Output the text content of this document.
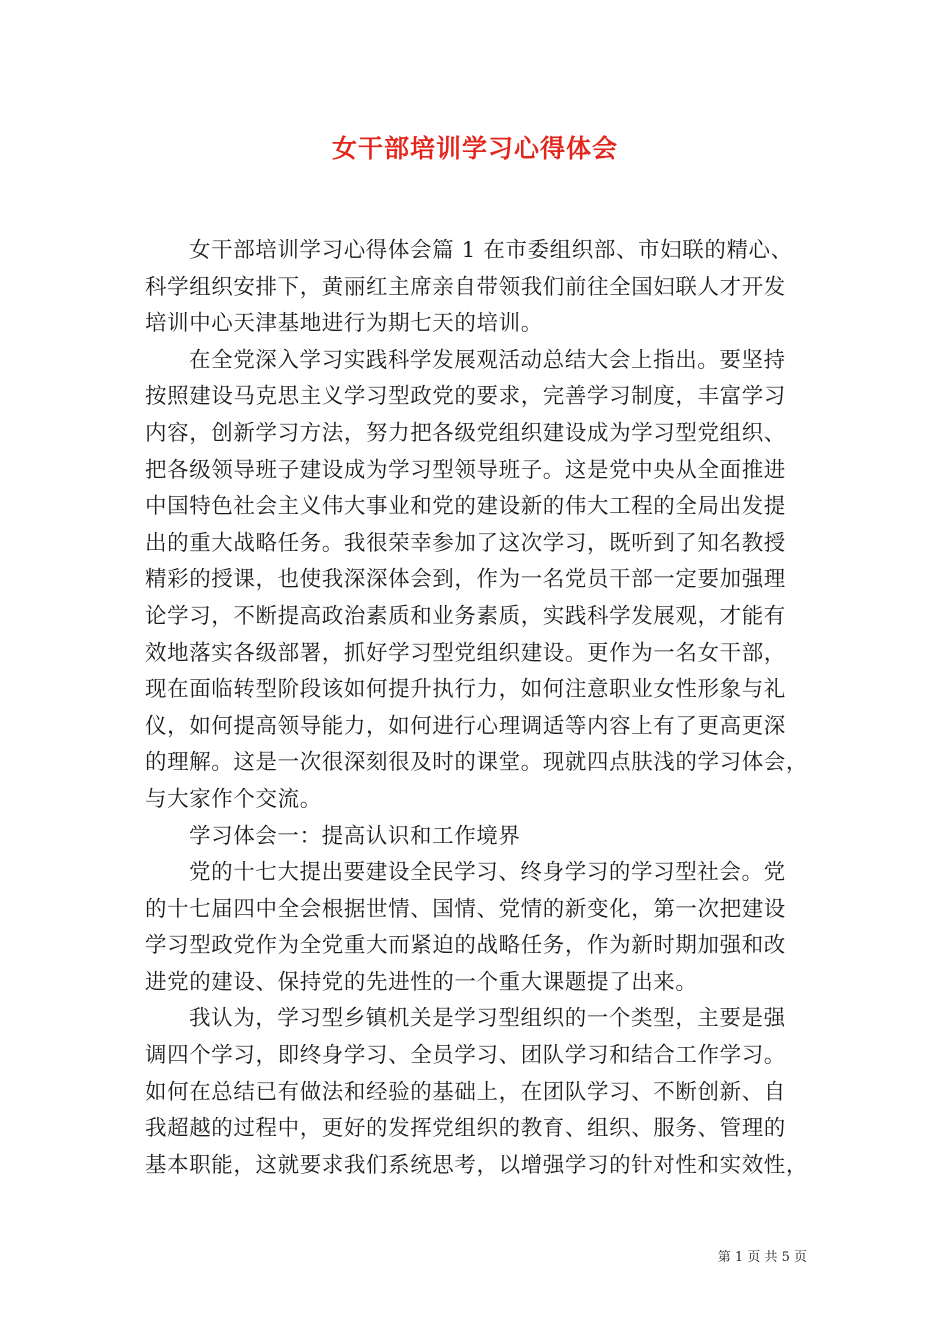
女干部培训学习心得体会
女干部培训学习心得体会篇 1 在市委组织部、市妇联的精心、
科学组织安排下，黄丽红主席亲自带领我们前往全国妇联人才开发
培训中心天津基地进行为期七天的培训。
在全党深入学习实践科学发展观活动总结大会上指出。要坚持
按照建设马克思主义学习型政党的要求，完善学习制度，丰富学习
内容，创新学习方法，努力把各级党组织建设成为学习型党组织、
把各级领导班子建设成为学习型领导班子。这是党中央从全面推进
中国特色社会主义伟大事业和党的建设新的伟大工程的全局出发提
出的重大战略任务。我很荣幸参加了这次学习，既听到了知名教授
精彩的授课，也使我深深体会到，作为一名党员干部一定要加强理
论学习，不断提高政治素质和业务素质，实践科学发展观，才能有
效地落实各级部署，抓好学习型党组织建设。更作为一名女干部，
现在面临转型阶段该如何提升执行力，如何注意职业女性形象与礼
仪，如何提高领导能力，如何进行心理调适等内容上有了更高更深
的理解。这是一次很深刻很及时的课堂。现就四点肤浅的学习体会，
与大家作个交流。
学习体会一：提高认识和工作境界
党的十七大提出要建设全民学习、终身学习的学习型社会。党
的十七届四中全会根据世情、国情、党情的新变化，第一次把建设
学习型政党作为全党重大而紧迫的战略任务，作为新时期加强和改
进党的建设、保持党的先进性的一个重大课题提了出来。
我认为，学习型乡镇机关是学习型组织的一个类型，主要是强
调四个学习，即终身学习、全员学习、团队学习和结合工作学习。
如何在总结已有做法和经验的基础上，在团队学习、不断创新、自
我超越的过程中，更好的发挥党组织的教育、组织、服务、管理的
基本职能，这就要求我们系统思考，以增强学习的针对性和实效性，
第 1 页 共 5 页
